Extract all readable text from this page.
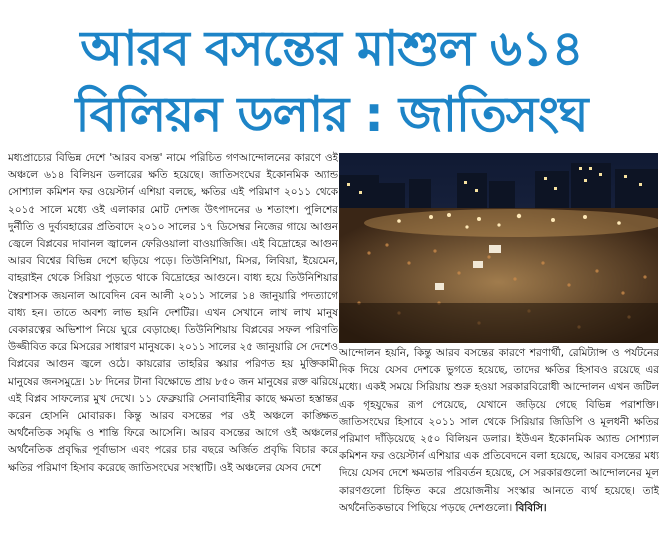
আরব বসন্তের মাশুল ৬১৪
বিলিয়ন ডলার : জাতিসংঘ
মধ্যপ্রাচ্যের বিভিন্ন দেশে 'আরব বসন্ত' নামে পরিচিত গণআন্দোলনের কারণে ওই অঞ্চলে ৬১৪ বিলিয়ন ডলারের ক্ষতি হয়েছে। জাতিসংঘের ইকোনমিক অ্যান্ড সোশ্যাল কমিশন ফর ওয়েস্টার্ন এশিয়া বলছে, ক্ষতির এই পরিমাণ ২০১১ থেকে ২০১৫ সালে মধ্যে ওই এলাকার মোট দেশজ উৎপাদনের ৬ শতাংশ। পুলিশের দুর্নীতি ও দুর্ব্যবহারের প্রতিবাদে ২০১০ সালের ১৭ ডিসেম্বর নিজের গায়ে আগুন জ্বেলে বিপ্লবের দাবানল জ্বালেন ফেরিওয়ালা বাওয়াজিজি। এই বিদ্রোহের আগুন আরব বিশ্বের বিভিন্ন দেশে ছড়িয়ে পড়ে। তিউনিশিয়া, মিসর, লিবিয়া, ইয়েমেন, বাহরাইন থেকে সিরিয়া পুড়তে থাকে বিদ্রোহের আগুনে। বাধ্য হয়ে তিউনিশিয়ার স্বৈরশাসক জয়নাল আবেদিন বেন আলী ২০১১ সালের ১৪ জানুয়ারি পদত্যাগে বাধ্য হন। তাতে অবশ্য লাভ হয়নি দেশটির। এখন সেখানে লাখ লাখ মানুষ বেকারত্বের অভিশাপ নিয়ে ঘুরে বেড়াচ্ছে। তিউনিশিয়ায় বিপ্লবের সফল পরিণতি উজ্জীবিত করে মিসরের সাধারণ মানুষকে। ২০১১ সালের ২৫ জানুয়ারি সে দেশেও বিপ্লবের আগুন জ্বলে ওঠে। কায়রোর তাহরির স্কয়ার পরিণত হয় মুক্তিকামী মানুষের জনসমুদ্রে। ১৮ দিনের টানা বিক্ষোভে প্রায় ৮৫০ জন মানুষের রক্ত ঝরিয়ে এই বিপ্লব সাফল্যের মুখ দেখে। ১১ ফেব্রুয়ারি সেনাবাহিনীর কাছে ক্ষমতা হস্তান্তর করেন হোসনি মোবারক। কিন্তু আরব বসন্তের পর ওই অঞ্চলে কাঙ্ক্ষিত অর্থনৈতিক সমৃদ্ধি ও শান্তি ফিরে আসেনি। আরব বসন্তের আগে ওই অঞ্চলের অর্থনৈতিক প্রবৃদ্ধির পূর্বাভাস এবং পরের চার বছরে অর্জিত প্রবৃদ্ধি বিচার করে ক্ষতির পরিমাণ হিসাব করেছে জাতিসংঘের সংস্থাটি। ওই অঞ্চলের যেসব দেশে
আন্দোলন হয়নি, কিন্তু আরব বসন্তের কারণে শরণার্থী, রেমিট্যান্স ও পর্যটনের দিক দিয়ে যেসব দেশকে ভুগতে হয়েছে, তাদের ক্ষতির হিসাবও রয়েছে এর মধ্যে। একই সময়ে সিরিয়ায় শুরু হওয়া সরকারবিরোধী আন্দোলন এখন জটিল এক গৃহযুদ্ধের রূপ পেয়েছে, যেখানে জড়িয়ে গেছে বিভিন্ন পরাশক্তি। জাতিসংঘের হিসাবে ২০১১ সাল থেকে সিরিয়ার জিডিপি ও মূলধনী ক্ষতির পরিমাণ দাঁড়িয়েছে ২৫০ বিলিয়ন ডলার। ইউএন ইকোনমিক অ্যান্ড সোশ্যাল কমিশন ফর ওয়েস্টার্ন এশিয়ার এক প্রতিবেদনে বলা হয়েছে, আরব বসন্তের মধ্য দিয়ে যেসব দেশে ক্ষমতার পরিবর্তন হয়েছে, সে সরকারগুলো আন্দোলনের মূল কারণগুলো চিহ্নিত করে প্রয়োজনীয় সংস্কার আনতে ব্যর্থ হয়েছে। তাই অর্থনৈতিকভাবে পিছিয়ে পড়ছে দেশগুলো। বিবিসি।
